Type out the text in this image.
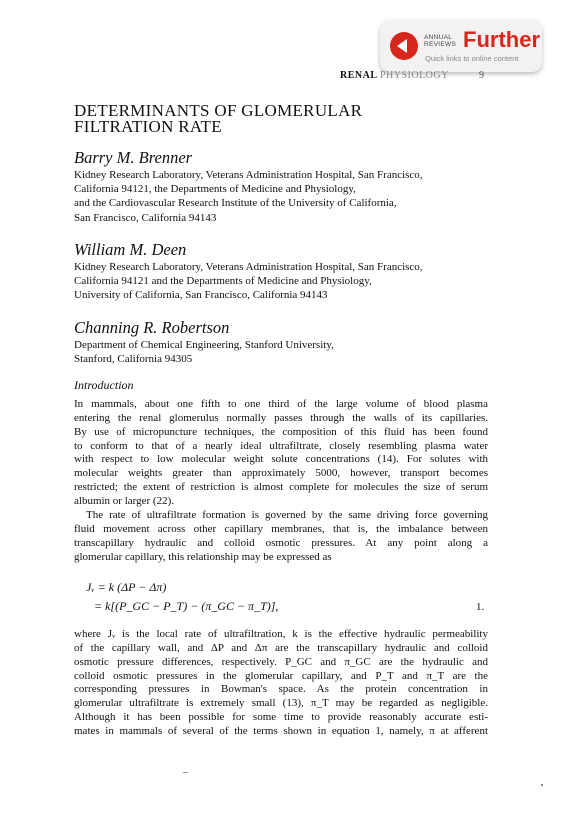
ANNUAL
REVIEWS Further
Quick links to online content
RENAL PHYSIOLOGY	9
DETERMINANTS OF GLOMERULAR
FILTRATION RATE
Barry M. Brenner
Kidney Research Laboratory, Veterans Administration Hospital, San Francisco,
California 94121, the Departments of Medicine and Physiology,
and the Cardiovascular Research Institute of the University of California,
San Francisco, California 94143
William M. Deen
Kidney Research Laboratory, Veterans Administration Hospital, San Francisco,
California 94121 and the Departments of Medicine and Physiology,
University of California, San Francisco, California 94143
Channing R. Robertson
Department of Chemical Engineering, Stanford University,
Stanford, California 94305
Introduction

In mammals, about one fifth to one third of the large volume of blood plasma
entering the renal glomerulus normally passes through the walls of its capillaries.
By use of micropuncture techniques, the composition of this fluid has been found
to conform to that of a nearly ideal ultrafiltrate, closely resembling plasma water
with respect to low molecular weight solute concentrations (14). For solutes with
molecular weights greater than approximately 5000, however, transport becomes
restricted; the extent of restriction is almost complete for molecules the size of serum
albumin or larger (22).

The rate of ultrafiltrate formation is governed by the same driving force governing
fluid movement across other capillary membranes, that is, the imbalance between
transcapillary hydraulic and colloid osmotic pressures. At any point along a
glomerular capillary, this relationship may be expressed as

Jᵥ = k (ΔP − Δπ)
= k[(P_GC − P_T) − (π_GC − π_T)],	1.

where Jᵥ is the local rate of ultrafiltration, k is the effective hydraulic permeability
of the capillary wall, and ΔP and Δπ are the transcapillary hydraulic and colloid
osmotic pressure differences, respectively. P_GC and π_GC are the hydraulic and
colloid osmotic pressures in the glomerular capillary, and P_T and π_T are the
corresponding pressures in Bowman's space. As the protein concentration in
glomerular ultrafiltrate is extremely small (13), π_T may be regarded as negligible.
Although it has been possible for some time to provide reasonably accurate esti-
mates in mammals of several of the terms shown in equation 1, namely, π at afferent
